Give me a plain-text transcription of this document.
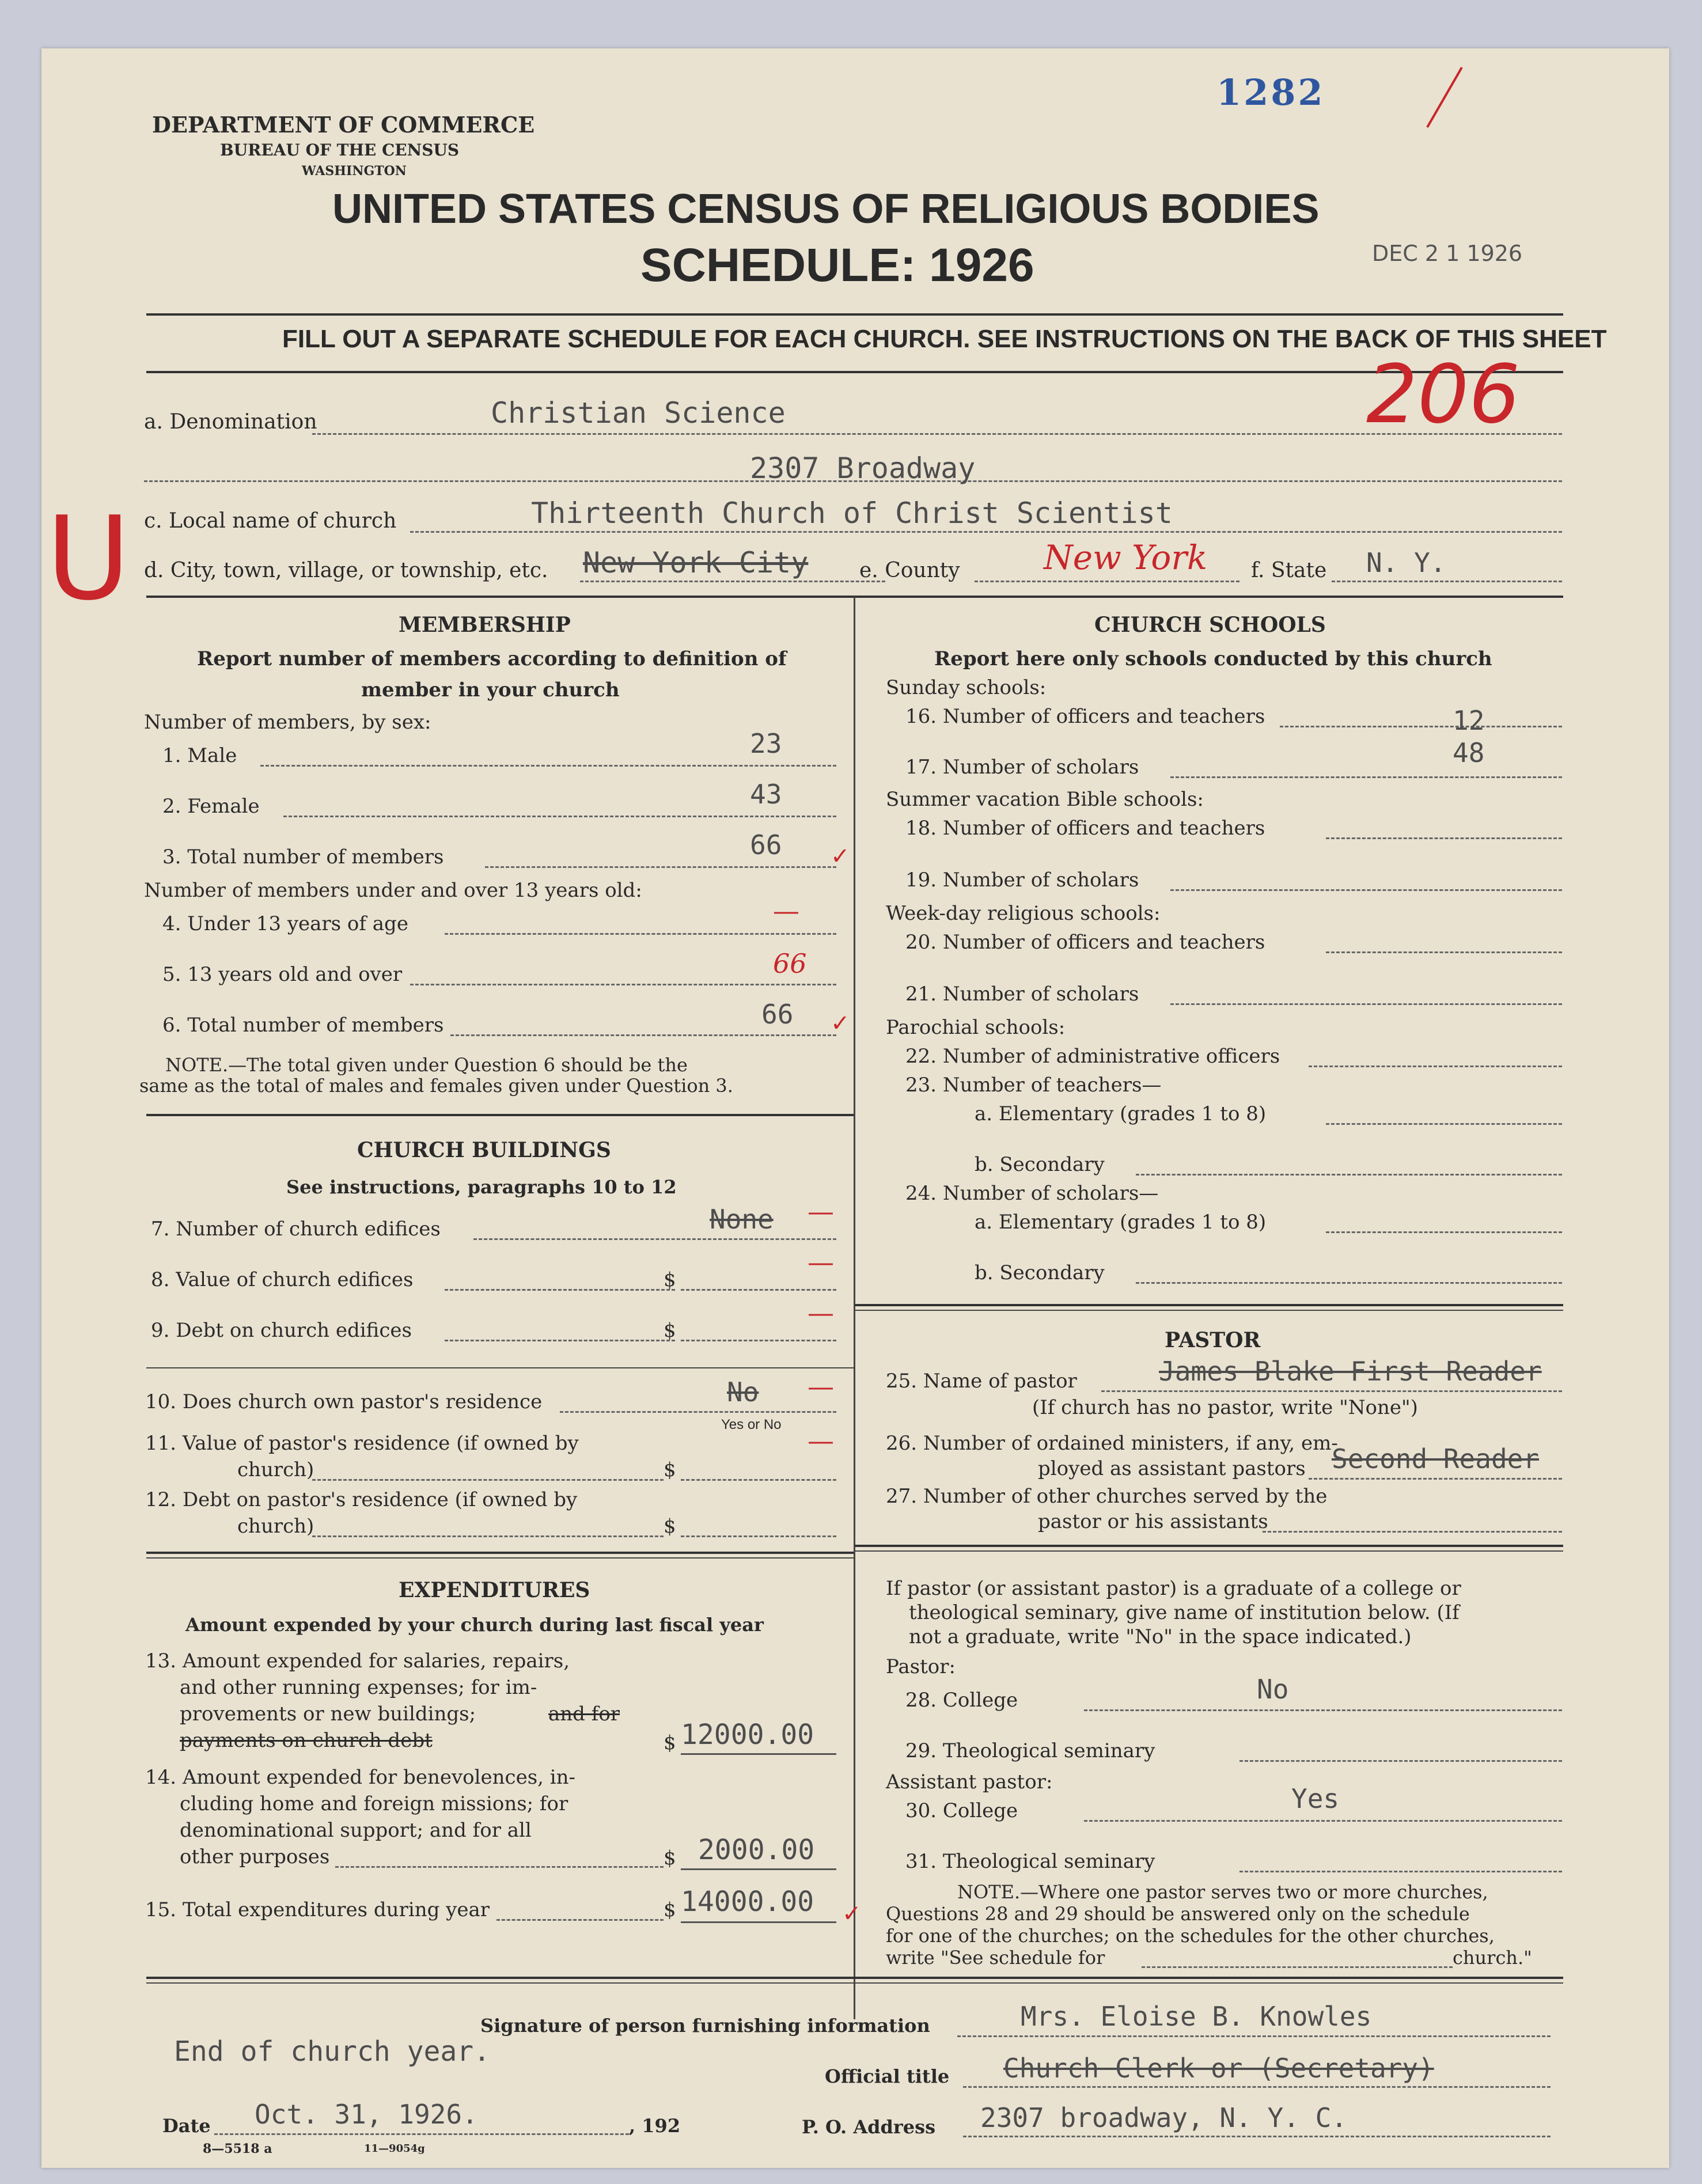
1282
DEPARTMENT OF COMMERCE
BUREAU OF THE CENSUS
WASHINGTON
UNITED STATES CENSUS OF RELIGIOUS BODIES
SCHEDULE: 1926	DEC 2 1 1926
FILL OUT A SEPARATE SCHEDULE FOR EACH CHURCH. SEE INSTRUCTIONS ON THE BACK OF THIS SHEET
206
U
a. Denomination	Christian Science
2307 Broadway
c. Local name of church	Thirteenth Church of Christ Scientist
d. City, town, village, or township, etc. New York City e. County	New York f. State N. Y.
MEMBERSHIP
Report number of members according to definition of
member in your church
Number of members, by sex:
1. Male	23
2. Female	43
3. Total number of members	66 ✓
Number of members under and over 13 years old:
4. Under 13 years of age	—
5. 13 years old and over	66
6. Total number of members	66 ✓
NOTE.—The total given under Question 6 should be the
same as the total of males and females given under Question 3.
CHURCH BUILDINGS
See instructions, paragraphs 10 to 12
7. Number of church edifices	None —
8. Value of church edifices	$
—
9. Debt on church edifices	$
—
10. Does church own pastor's residence	No —
Yes or No
11. Value of pastor's residence (if owned by
church)	$
—
12. Debt on pastor's residence (if owned by
church)	$
EXPENDITURES
Amount expended by your church during last fiscal year
13. Amount expended for salaries, repairs,
and other running expenses; for im-
provements or new buildings;	and for
payments on church debt	$ 12000.00
14. Amount expended for benevolences, in-
cluding home and foreign missions; for
denominational support; and for all
other purposes	$ 2000.00
15. Total expenditures during year	$ 14000.00 ✓
CHURCH SCHOOLS
Report here only schools conducted by this church
Sunday schools:
16. Number of officers and teachers	12
17. Number of scholars	48
Summer vacation Bible schools:
18. Number of officers and teachers
19. Number of scholars
Week-day religious schools:
20. Number of officers and teachers
21. Number of scholars
Parochial schools:
22. Number of administrative officers
23. Number of teachers—
a. Elementary (grades 1 to 8)
b. Secondary
24. Number of scholars—
a. Elementary (grades 1 to 8)
b. Secondary
PASTOR
25. Name of pastor	James Blake First Reader
(If church has no pastor, write "None")
26. Number of ordained ministers, if any, em-
ployed as assistant pastors Second Reader
27. Number of other churches served by the
pastor or his assistants
If pastor (or assistant pastor) is a graduate of a college or
theological seminary, give name of institution below. (If
not a graduate, write "No" in the space indicated.)
Pastor:
28. College	No
29. Theological seminary
Assistant pastor:
30. College	Yes
31. Theological seminary
NOTE.—Where one pastor serves two or more churches,
Questions 28 and 29 should be answered only on the schedule
for one of the churches; on the schedules for the other churches,
write "See schedule for	church."
Signature of person furnishing information	Mrs. Eloise B. Knowles
End of church year.
Official title Church Clerk or (Secretary)
Date Oct. 31, 1926.	, 192	P. O. Address 2307 broadway, N. Y. C.
8—5518 a	11—9054g
